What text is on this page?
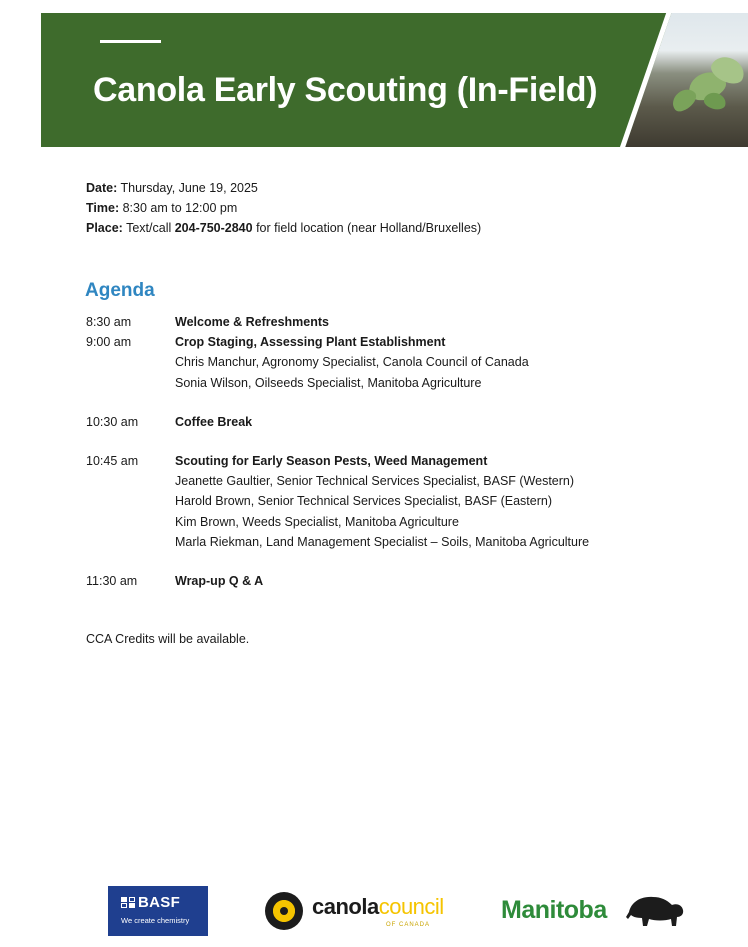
Canola Early Scouting (In-Field)
Date: Thursday, June 19, 2025
Time: 8:30 am to 12:00 pm
Place: Text/call 204-750-2840 for field location (near Holland/Bruxelles)
Agenda
8:30 am	Welcome & Refreshments
9:00 am	Crop Staging, Assessing Plant Establishment
Chris Manchur, Agronomy Specialist, Canola Council of Canada
Sonia Wilson, Oilseeds Specialist, Manitoba Agriculture
10:30 am	Coffee Break
10:45 am	Scouting for Early Season Pests, Weed Management
Jeanette Gaultier, Senior Technical Services Specialist, BASF (Western)
Harold Brown, Senior Technical Services Specialist, BASF (Eastern)
Kim Brown, Weeds Specialist, Manitoba Agriculture
Marla Riekman, Land Management Specialist – Soils, Manitoba Agriculture
11:30 am	Wrap-up Q & A
CCA Credits will be available.
BASF
We create chemistry
canolacouncil
OF CANADA
Manitoba
